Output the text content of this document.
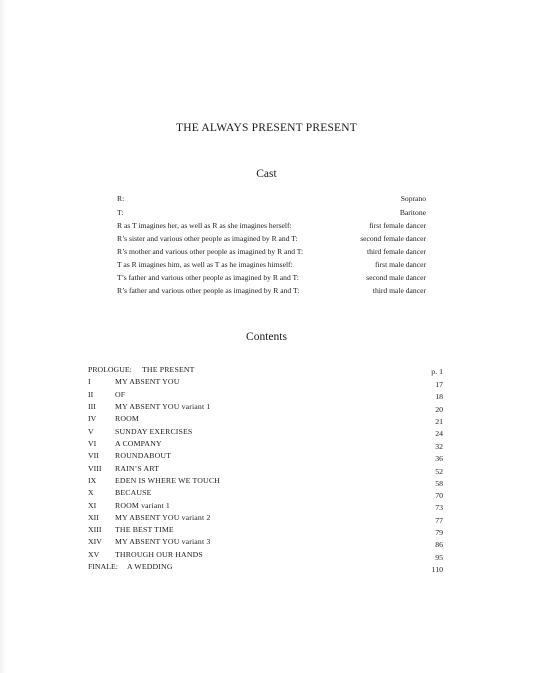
THE ALWAYS PRESENT PRESENT
Cast
R:	Soprano
T:	Baritone
R as T imagines her, as well as R as she imagines herself:	first female dancer
R’s sister and various other people as imagined by R and T:	second female dancer
R’s mother and various other people as imagined by R and T:	third female dancer
T as R imagines him, as well as T as he imagines himself:	first male dancer
T’s father and various other people as imagined by R and T:	second male dancer
R’s father and various other people as imagined by R and T:	third male dancer
Contents
PROLOGUE: THE PRESENT	p. 1
I	MY ABSENT YOU	17
II	OF	18
III MY ABSENT YOU variant 1	20
IV ROOM	21
V	SUNDAY EXERCISES	24
VI A COMPANY	32
VII ROUNDABOUT	36
VIII RAIN’S ART	52
IX EDEN IS WHERE WE TOUCH	58
X	BECAUSE	70
XI ROOM variant 1	73
XII MY ABSENT YOU variant 2	77
XIII THE BEST TIME	79
XIV MY ABSENT YOU variant 3	86
XV THROUGH OUR HANDS	95
FINALE: A WEDDING	110
